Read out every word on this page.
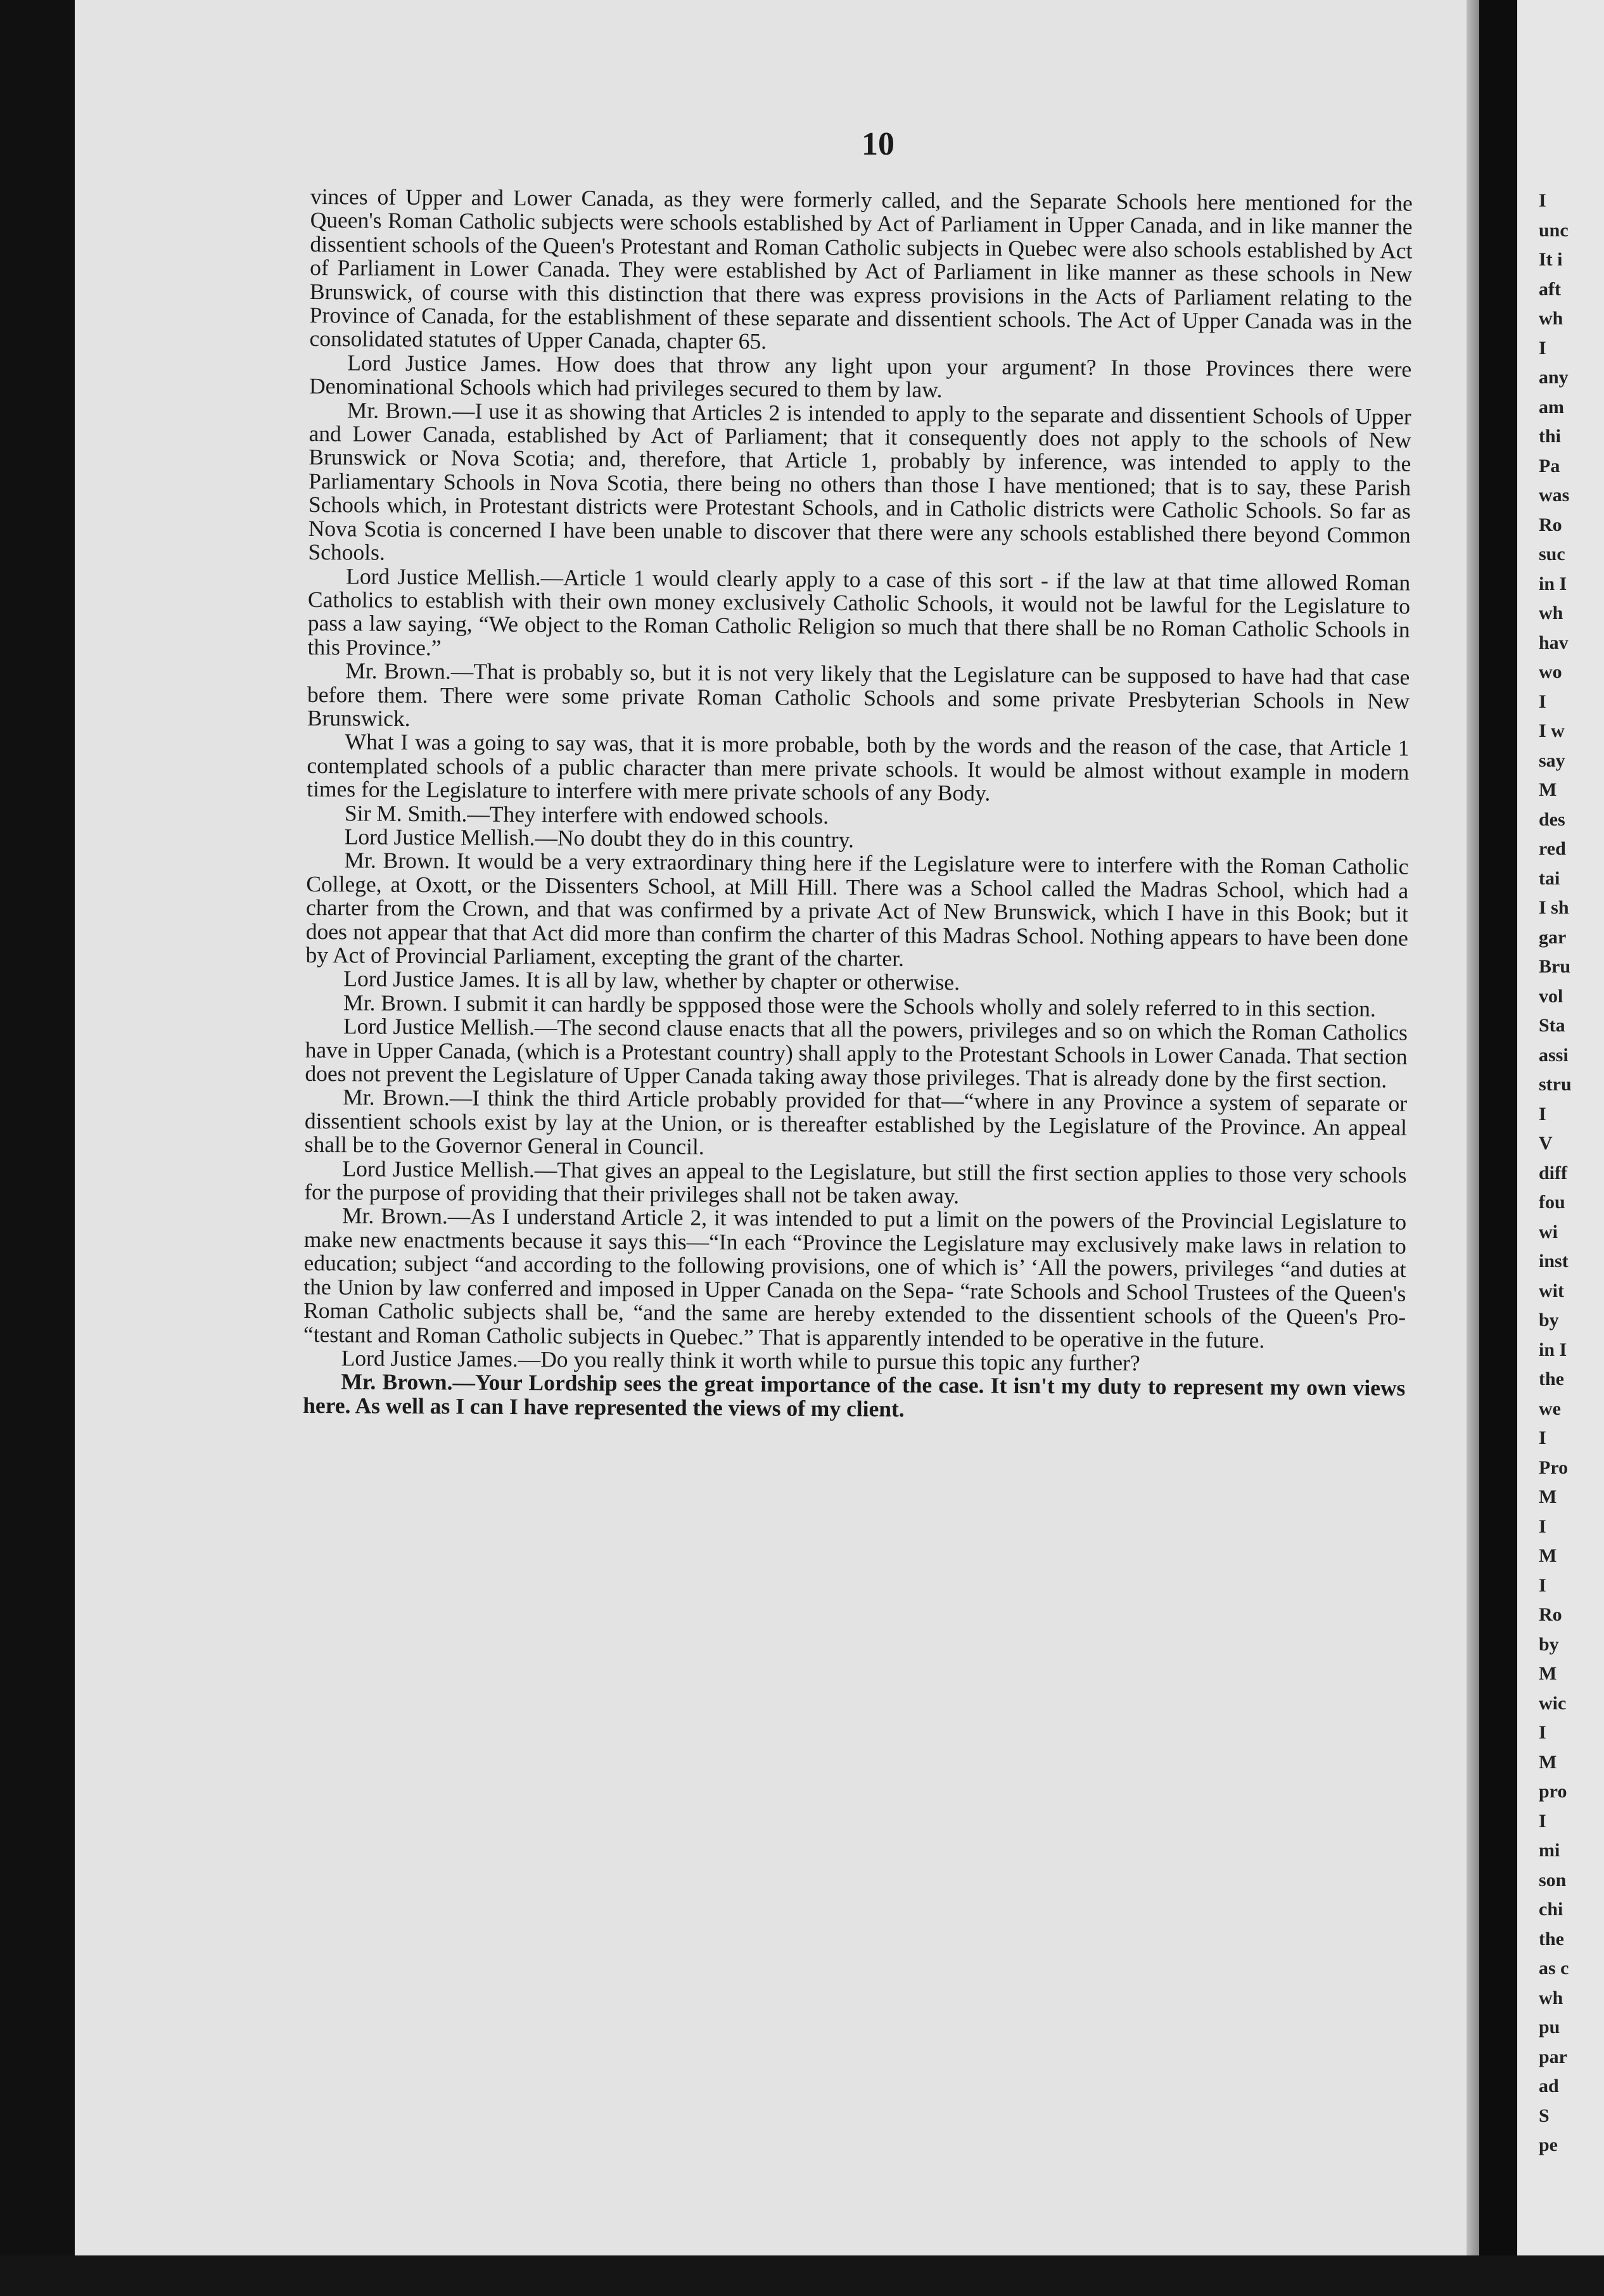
I
unc
It i
aft
wh
I
any
am
thi
Pa
was
Ro
suc
in I
wh
hav
wo
I
I w
say
M
des
red
tai
I sh
gar
Bru
vol
Sta
assi
stru
I
V
diff
fou
wi
inst
wit
by
in I
the
we
I
Pro
M
I
M
I
Ro
by
M
wic
I
M
pro
I
mi
son
chi
the
as c
wh
pu
par
ad
S
pe
10

vinces of Upper and Lower Canada, as they were formerly called, and the Separate Schools here mentioned for the Queen's Roman Catholic subjects were schools established by Act of Parliament in Upper Canada, and in like manner the dissentient schools of the Queen's Protestant and Roman Catholic subjects in Quebec were also schools established by Act of Parliament in Lower Canada. They were established by Act of Parliament in like manner as these schools in New Brunswick, of course with this distinction that there was express provisions in the Acts of Parliament relating to the Province of Canada, for the establishment of these separate and dissentient schools. The Act of Upper Canada was in the consolidated statutes of Upper Canada, chapter 65.

Lord Justice James. How does that throw any light upon your argument? In those Provinces there were Denominational Schools which had privileges secured to them by law.

Mr. Brown.—I use it as showing that Articles 2 is intended to apply to the separate and dissentient Schools of Upper and Lower Canada, established by Act of Parliament; that it consequently does not apply to the schools of New Brunswick or Nova Scotia; and, therefore, that Article 1, probably by inference, was intended to apply to the Parliamentary Schools in Nova Scotia, there being no others than those I have mentioned; that is to say, these Parish Schools which, in Protestant districts were Protestant Schools, and in Catholic districts were Catholic Schools. So far as Nova Scotia is concerned I have been unable to discover that there were any schools established there beyond Common Schools.

Lord Justice Mellish.—Article 1 would clearly apply to a case of this sort - if the law at that time allowed Roman Catholics to establish with their own money exclusively Catholic Schools, it would not be lawful for the Legislature to pass a law saying, “We object to the Roman Catholic Religion so much that there shall be no Roman Catholic Schools in this Province.”

Mr. Brown.—That is probably so, but it is not very likely that the Legislature can be supposed to have had that case before them. There were some private Roman Catholic Schools and some private Presbyterian Schools in New Brunswick.

What I was a going to say was, that it is more probable, both by the words and the reason of the case, that Article 1 contemplated schools of a public character than mere private schools. It would be almost without example in modern times for the Legislature to interfere with mere private schools of any Body.

Sir M. Smith.—They interfere with endowed schools.

Lord Justice Mellish.—No doubt they do in this country.

Mr. Brown. It would be a very extraordinary thing here if the Legislature were to interfere with the Roman Catholic College, at Oxott, or the Dissenters School, at Mill Hill. There was a School called the Madras School, which had a charter from the Crown, and that was confirmed by a private Act of New Brunswick, which I have in this Book; but it does not appear that that Act did more than confirm the charter of this Madras School. Nothing appears to have been done by Act of Provincial Parliament, excepting the grant of the charter.

Lord Justice James. It is all by law, whether by chapter or otherwise.

Mr. Brown. I submit it can hardly be sppposed those were the Schools wholly and solely referred to in this section.

Lord Justice Mellish.—The second clause enacts that all the powers, privileges and so on which the Roman Catholics have in Upper Canada, (which is a Protestant country) shall apply to the Protestant Schools in Lower Canada. That section does not prevent the Legislature of Upper Canada taking away those privileges. That is already done by the first section.

Mr. Brown.—I think the third Article probably provided for that—“where in any Province a system of separate or dissentient schools exist by lay at the Union, or is thereafter established by the Legislature of the Province. An appeal shall be to the Governor General in Council.

Lord Justice Mellish.—That gives an appeal to the Legislature, but still the first section applies to those very schools for the purpose of providing that their privileges shall not be taken away.

Mr. Brown.—As I understand Article 2, it was intended to put a limit on the powers of the Provincial Legislature to make new enactments because it says this—“In each “Province the Legislature may exclusively make laws in relation to education; subject “and according to the following provisions, one of which is’ ‘All the powers, privileges “and duties at the Union by law conferred and imposed in Upper Canada on the Sepa- “rate Schools and School Trustees of the Queen's Roman Catholic subjects shall be, “and the same are hereby extended to the dissentient schools of the Queen's Pro- “testant and Roman Catholic subjects in Quebec.” That is apparently intended to be operative in the future.

Lord Justice James.—Do you really think it worth while to pursue this topic any further?

Mr. Brown.—Your Lordship sees the great importance of the case. It isn't my duty to represent my own views here. As well as I can I have represented the views of my client.
